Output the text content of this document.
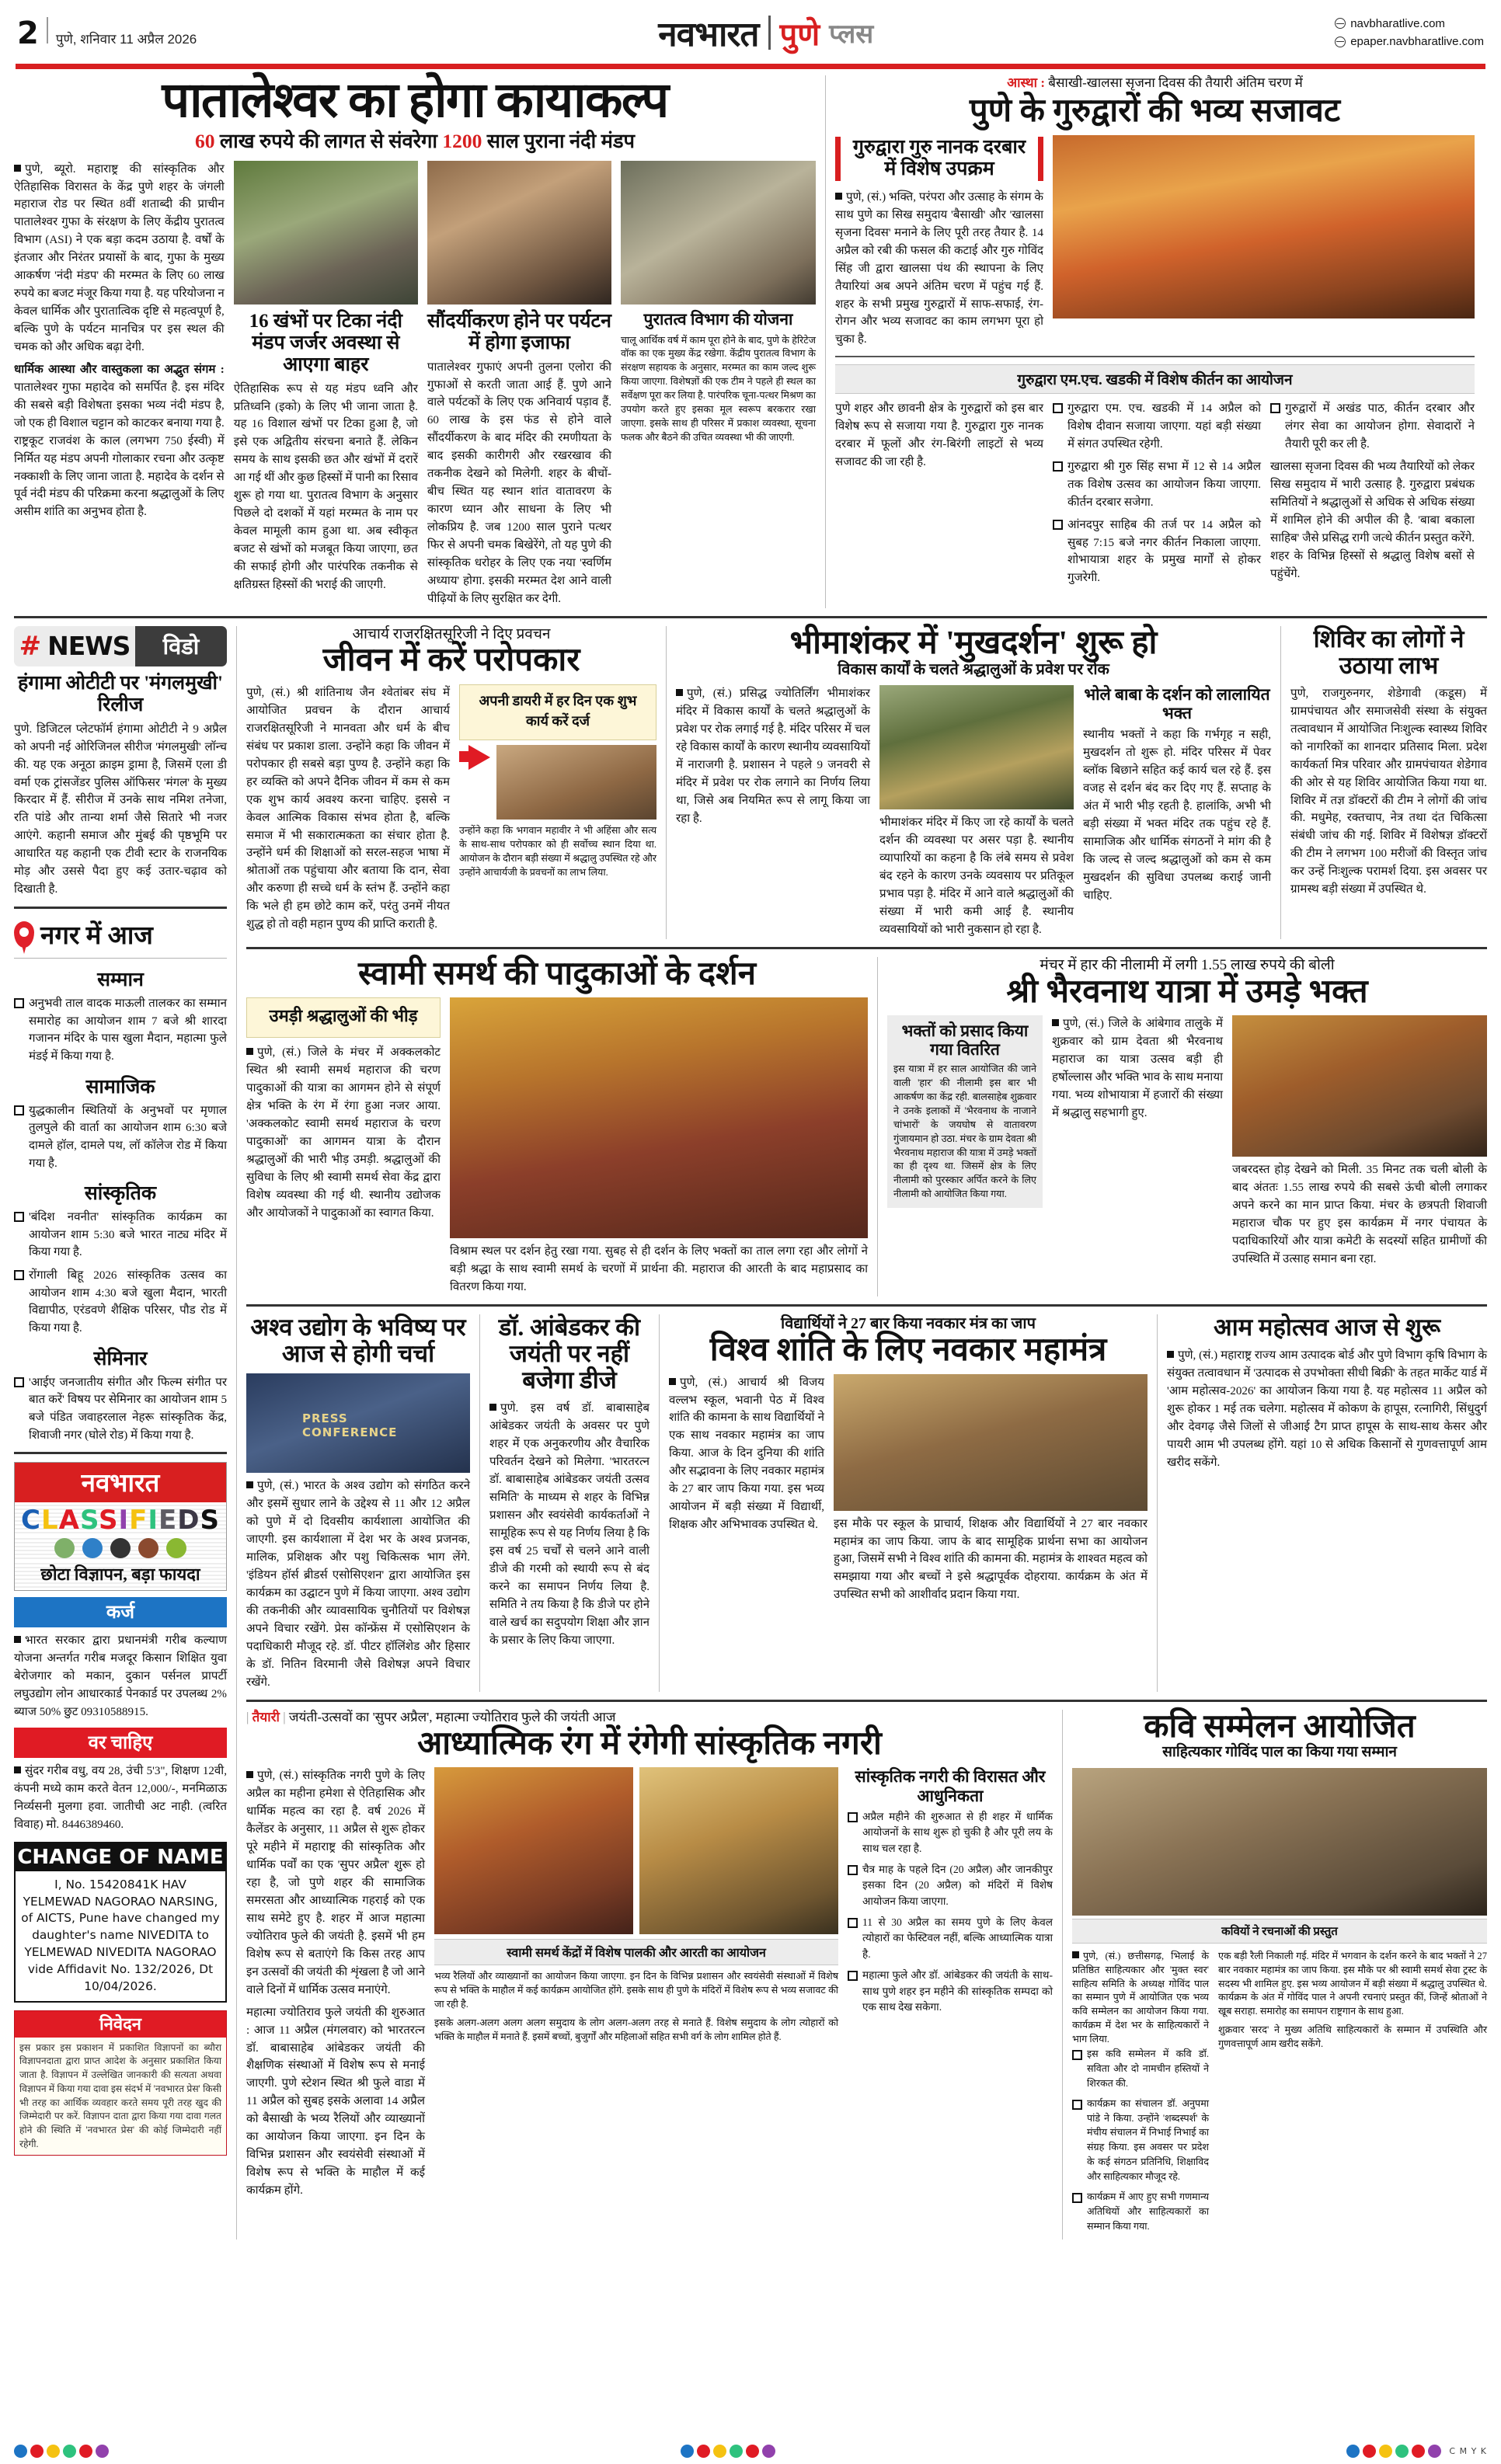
2 पुणे, शनिवार 11 अप्रैल 2026	नवभारत पुणे प्लस	navbharatlive.com
epaper.navbharatlive.com
पातालेश्वर का होगा कायाकल्प
60 लाख रुपये की लागत से संवरेगा 1200 साल पुराना नंदी मंडप

पुणे, ब्यूरो. महाराष्ट्र की सांस्कृतिक और ऐतिहासिक विरासत के केंद्र पुणे शहर के जंगली महाराज रोड पर स्थित 8वीं शताब्दी की प्राचीन पातालेश्वर गुफा के संरक्षण के लिए केंद्रीय पुरातत्व विभाग (ASI) ने एक बड़ा कदम उठाया है. वर्षों के इंतजार और निरंतर प्रयासों के बाद, गुफा के मुख्य आकर्षण 'नंदी मंडप' की मरम्मत के लिए 60 लाख रुपये का बजट मंजूर किया गया है. यह परियोजना न केवल धार्मिक और पुरातात्विक दृष्टि से महत्वपूर्ण है, बल्कि पुणे के पर्यटन मानचित्र पर इस स्थल की चमक को और अधिक बढ़ा देगी.

धार्मिक आस्था और वास्तुकला का अद्भुत संगम : पातालेश्वर गुफा महादेव को समर्पित है. इस मंदिर की सबसे बड़ी विशेषता इसका भव्य नंदी मंडप है, जो एक ही विशाल चट्टान को काटकर बनाया गया है. राष्ट्रकूट राजवंश के काल (लगभग 750 ईस्वी) में निर्मित यह मंडप अपनी गोलाकार रचना और उत्कृष्ट नक्काशी के लिए जाना जाता है. महादेव के दर्शन से पूर्व नंदी मंडप की परिक्रमा करना श्रद्धालुओं के लिए असीम शांति का अनुभव होता है.

16 खंभों पर टिका नंदी मंडप जर्जर अवस्था से आएगा बाहर

ऐतिहासिक रूप से यह मंडप ध्वनि और प्रतिध्वनि (इको) के लिए भी जाना जाता है. यह 16 विशाल खंभों पर टिका हुआ है, जो इसे एक अद्वितीय संरचना बनाते हैं. लेकिन समय के साथ इसकी छत और खंभों में दरारें आ गई थीं और कुछ हिस्सों में पानी का रिसाव शुरू हो गया था. पुरातत्व विभाग के अनुसार पिछले दो दशकों में यहां मरम्मत के नाम पर केवल मामूली काम हुआ था. अब स्वीकृत बजट से खंभों को मजबूत किया जाएगा, छत की सफाई होगी और पारंपरिक तकनीक से क्षतिग्रस्त हिस्सों की भराई की जाएगी.

सौंदर्यीकरण होने पर पर्यटन में होगा इजाफा

पातालेश्वर गुफाएं अपनी तुलना एलोरा की गुफाओं से करती जाता आई हैं. पुणे आने वाले पर्यटकों के लिए एक अनिवार्य पड़ाव हैं. 60 लाख के इस फंड से होने वाले सौंदर्यीकरण के बाद मंदिर की रमणीयता के बाद इसकी कारीगरी और रखरखाव की तकनीक देखने को मिलेगी. शहर के बीचों-बीच स्थित यह स्थान शांत वातावरण के कारण ध्यान और साधना के लिए भी लोकप्रिय है. जब 1200 साल पुराने पत्थर फिर से अपनी चमक बिखेरेंगे, तो यह पुणे की सांस्कृतिक धरोहर के लिए एक नया 'स्वर्णिम अध्याय' होगा. इसकी मरम्मत देश आने वाली पीढ़ियों के लिए सुरक्षित कर देगी.

पुरातत्व विभाग की योजना

चालू आर्थिक वर्ष में काम पूरा होने के बाद, पुणे के हेरिटेज वॉक का एक मुख्य केंद्र रखेगा. केंद्रीय पुरातत्व विभाग के संरक्षण सहायक के अनुसार, मरम्मत का काम जल्द शुरू किया जाएगा. विशेषज्ञों की एक टीम ने पहले ही स्थल का सर्वेक्षण पूरा कर लिया है. पारंपरिक चूना-पत्थर मिश्रण का उपयोग करते हुए इसका मूल स्वरूप बरकरार रखा जाएगा. इसके साथ ही परिसर में प्रकाश व्यवस्था, सूचना फलक और बैठने की उचित व्यवस्था भी की जाएगी.

आस्था : बैसाखी-खालसा सृजना दिवस की तैयारी अंतिम चरण में
पुणे के गुरुद्वारों की भव्य सजावट
गुरुद्वारा गुरु नानक दरबार में विशेष उपक्रम

पुणे, (सं.) भक्ति, परंपरा और उत्साह के संगम के साथ पुणे का सिख समुदाय 'बैसाखी' और 'खालसा सृजना दिवस' मनाने के लिए पूरी तरह तैयार है. 14 अप्रैल को रबी की फसल की कटाई और गुरु गोविंद सिंह जी द्वारा खालसा पंथ की स्थापना के लिए तैयारियां अब अपने अंतिम चरण में पहुंच गई हैं. शहर के सभी प्रमुख गुरुद्वारों में साफ-सफाई, रंग-रोगन और भव्य सजावट का काम लगभग पूरा हो चुका है.

गुरुद्वारा एम.एच. खडकी में विशेष कीर्तन का आयोजन

पुणे शहर और छावनी क्षेत्र के गुरुद्वारों को इस बार विशेष रूप से सजाया गया है. गुरुद्वारा गुरु नानक दरबार में फूलों और रंग-बिरंगी लाइटों से भव्य सजावट की जा रही है.

गुरुद्वारा एम. एच. खडकी में 14 अप्रैल को विशेष दीवान सजाया जाएगा. यहां बड़ी संख्या में संगत उपस्थित रहेगी.
गुरुद्वारा श्री गुरु सिंह सभा में 12 से 14 अप्रैल तक विशेष उत्सव का आयोजन किया जाएगा. कीर्तन दरबार सजेगा.
आंनदपुर साहिब की तर्ज पर 14 अप्रैल को सुबह 7:15 बजे नगर कीर्तन निकाला जाएगा. शोभायात्रा शहर के प्रमुख मार्गों से होकर गुजरेगी.
गुरुद्वारों में अखंड पाठ, कीर्तन दरबार और लंगर सेवा का आयोजन होगा. सेवादारों ने तैयारी पूरी कर ली है.

खालसा सृजना दिवस की भव्य तैयारियों को लेकर सिख समुदाय में भारी उत्साह है. गुरुद्वारा प्रबंधक समितियों ने श्रद्धालुओं से अधिक से अधिक संख्या में शामिल होने की अपील की है. 'बाबा बकाला साहिब' जैसे प्रसिद्ध रागी जत्थे कीर्तन प्रस्तुत करेंगे. शहर के विभिन्न हिस्सों से श्रद्धालु विशेष बसों से पहुंचेंगे.

# NEWS	विडो
हंगामा ओटीटी पर 'मंगलमुखी' रिलीज

पुणे. डिजिटल प्लेटफॉर्म हंगामा ओटीटी ने 9 अप्रैल को अपनी नई ओरिजिनल सीरीज 'मंगलमुखी' लॉन्च की. यह एक अनूठा क्राइम ड्रामा है, जिसमें एला डी वर्मा एक ट्रांसजेंडर पुलिस ऑफिसर 'मंगल' के मुख्य किरदार में हैं. सीरीज में उनके साथ नमिश तनेजा, रति पांडे और तान्या शर्मा जैसे सितारे भी नजर आएंगे. कहानी समाज और मुंबई की पृष्ठभूमि पर आधारित यह कहानी एक टीवी स्टार के राजनयिक मोड़ और उससे पैदा हुए कई उतार-चढ़ाव को दिखाती है.

नगर में आज
सम्मान
अनुभवी ताल वादक माऊली तालकर का सम्मान समारोह का आयोजन शाम 7 बजे श्री शारदा गजानन मंदिर के पास खुला मैदान, महात्मा फुले मंडई में किया गया है.
सामाजिक
युद्धकालीन स्थितियों के अनुभवों पर मृणाल तुलपुले की वार्ता का आयोजन शाम 6:30 बजे दामले हॉल, दामले पथ, लॉ कॉलेज रोड में किया गया है.
सांस्कृतिक
'बंदिश नवनीत' सांस्कृतिक कार्यक्रम का आयोजन शाम 5:30 बजे भारत नाट्य मंदिर में किया गया है.
रोंगाली बिहू 2026 सांस्कृतिक उत्सव का आयोजन शाम 4:30 बजे खुला मैदान, भारती विद्यापीठ, एरंडवणे शैक्षिक परिसर, पौड रोड में किया गया है.
सेमिनार
'आईए जनजातीय संगीत और फिल्म संगीत पर बात करें' विषय पर सेमिनार का आयोजन शाम 5 बजे पंडित जवाहरलाल नेहरू सांस्कृतिक केंद्र, शिवाजी नगर (घोले रोड) में किया गया है.
नवभारत
CLASSIFIEDS
छोटा विज्ञापन, बड़ा फायदा
कर्ज

भारत सरकार द्वारा प्रधानमंत्री गरीब कल्याण योजना अन्तर्गत गरीब मजदूर किसान शिक्षित युवा बेरोजगार को मकान, दुकान पर्सनल प्रापर्टी लघुउद्योग लोन आधारकार्ड पेनकार्ड पर उपलब्ध 2% ब्याज 50% छुट 09310588915.

वर चाहिए

सुंदर गरीब वधु, वय 28, उंची 5'3", शिक्षण 12वी, कंपनी मध्ये काम करते वेतन 12,000/-, मनमिळाऊ निर्व्यसनी मुलगा हवा. जातीची अट नाही. (त्वरित विवाह) मो. 8446389460.

CHANGE OF NAME
I, No. 15420841K HAV YELMEWAD NAGORAO NARSING, of AICTS, Pune have changed my daughter's name NIVEDITA to YELMEWAD NIVEDITA NAGORAO vide Affidavit No. 132/2026, Dt 10/04/2026.
निवेदन
इस प्रकार इस प्रकाशन में प्रकाशित विज्ञापनों का ब्यौरा विज्ञापनदाता द्वारा प्राप्त आदेश के अनुसार प्रकाशित किया जाता है. विज्ञापन में उल्लेखित जानकारी की सत्यता अथवा विज्ञापन में किया गया दावा इस संदर्भ में 'नवभारत प्रेस' किसी भी तरह का आर्थिक व्यवहार करते समय पूरी तरह खुद की जिम्मेदारी पर करें. विज्ञापन दाता द्वारा किया गया दावा गलत होने की स्थिति में 'नवभारत प्रेस' की कोई जिम्मेदारी नहीं रहेगी.
आचार्य राजरक्षितसूरिजी ने दिए प्रवचन
जीवन में करें परोपकार

पुणे, (सं.) श्री शांतिनाथ जैन श्वेतांबर संघ में आयोजित प्रवचन के दौरान आचार्य राजरक्षितसूरिजी ने मानवता और धर्म के बीच संबंध पर प्रकाश डाला. उन्होंने कहा कि जीवन में परोपकार ही सबसे बड़ा पुण्य है. उन्होंने कहा कि हर व्यक्ति को अपने दैनिक जीवन में कम से कम एक शुभ कार्य अवश्य करना चाहिए. इससे न केवल आत्मिक विकास संभव होता है, बल्कि समाज में भी सकारात्मकता का संचार होता है. उन्होंने धर्म की शिक्षाओं को सरल-सहज भाषा में श्रोताओं तक पहुंचाया और बताया कि दान, सेवा और करुणा ही सच्चे धर्म के स्तंभ हैं. उन्होंने कहा कि भले ही हम छोटे काम करें, परंतु उनमें नीयत शुद्ध हो तो वही महान पुण्य की प्राप्ति कराती है.

अपनी डायरी में हर दिन एक शुभ कार्य करें दर्ज

उन्होंने कहा कि भगवान महावीर ने भी अहिंसा और सत्य के साथ-साथ परोपकार को ही सर्वोच्च स्थान दिया था. आयोजन के दौरान बड़ी संख्या में श्रद्धालु उपस्थित रहे और उन्होंने आचार्यजी के प्रवचनों का लाभ लिया.

भीमाशंकर में 'मुखदर्शन' शुरू हो
विकास कार्यों के चलते श्रद्धालुओं के प्रवेश पर रोक

पुणे, (सं.) प्रसिद्ध ज्योतिर्लिंग भीमाशंकर मंदिर में विकास कार्यों के चलते श्रद्धालुओं के प्रवेश पर रोक लगाई गई है. मंदिर परिसर में चल रहे विकास कार्यों के कारण स्थानीय व्यवसायियों में नाराजगी है. प्रशासन ने पहले 9 जनवरी से मंदिर में प्रवेश पर रोक लगाने का निर्णय लिया था, जिसे अब नियमित रूप से लागू किया जा रहा है.	भीमाशंकर मंदिर में किए जा रहे कार्यों के चलते दर्शन की व्यवस्था पर असर पड़ा है. स्थानीय व्यापारियों का कहना है कि लंबे समय से प्रवेश बंद रहने के कारण उनके व्यवसाय पर प्रतिकूल प्रभाव पड़ा है. मंदिर में आने वाले श्रद्धालुओं की संख्या में भारी कमी आई है. स्थानीय व्यवसायियों को भारी नुकसान हो रहा है.

भोले बाबा के दर्शन को लालायित भक्त

स्थानीय भक्तों ने कहा कि गर्भगृह न सही, मुखदर्शन तो शुरू हो. मंदिर परिसर में पेवर ब्लॉक बिछाने सहित कई कार्य चल रहे हैं. इस वजह से दर्शन बंद कर दिए गए हैं. सप्ताह के अंत में भारी भीड़ रहती है. हालांकि, अभी भी बड़ी संख्या में भक्त मंदिर तक पहुंच रहे हैं. सामाजिक और धार्मिक संगठनों ने मांग की है कि जल्द से जल्द श्रद्धालुओं को कम से कम मुखदर्शन की सुविधा उपलब्ध कराई जानी चाहिए.

शिविर का लोगों ने उठाया लाभ

पुणे, राजगुरुनगर, शेडेगावी (कडूस) में ग्रामपंचायत और समाजसेवी संस्था के संयुक्त तत्वावधान में आयोजित निःशुल्क स्वास्थ्य शिविर को नागरिकों का शानदार प्रतिसाद मिला. प्रदेश कार्यकर्ता मित्र परिवार और ग्रामपंचायत शेडेगाव की ओर से यह शिविर आयोजित किया गया था. शिविर में तज्ञ डॉक्टरों की टीम ने लोगों की जांच की. मधुमेह, रक्तचाप, नेत्र तथा दंत चिकित्सा संबंधी जांच की गई. शिविर में विशेषज्ञ डॉक्टरों की टीम ने लगभग 100 मरीजों की विस्तृत जांच कर उन्हें निःशुल्क परामर्श दिया. इस अवसर पर ग्रामस्थ बड़ी संख्या में उपस्थित थे.

स्वामी समर्थ की पादुकाओं के दर्शन
उमड़ी श्रद्धालुओं की भीड़

पुणे, (सं.) जिले के मंचर में अक्कलकोट स्थित श्री स्वामी समर्थ महाराज की चरण पादुकाओं की यात्रा का आगमन होने से संपूर्ण क्षेत्र भक्ति के रंग में रंगा हुआ नजर आया. 'अक्कलकोट स्वामी समर्थ महाराज के चरण पादुकाओं' का आगमन यात्रा के दौरान श्रद्धालुओं की भारी भीड़ उमड़ी. श्रद्धालुओं की सुविधा के लिए श्री स्वामी समर्थ सेवा केंद्र द्वारा विशेष व्यवस्था की गई थी. स्थानीय उद्योजक और आयोजकों ने पादुकाओं का स्वागत किया.

विश्राम स्थल पर दर्शन हेतु रखा गया. सुबह से ही दर्शन के लिए भक्तों का ताल लगा रहा और लोगों ने बड़ी श्रद्धा के साथ स्वामी समर्थ के चरणों में प्रार्थना की. महाराज की आरती के बाद महाप्रसाद का वितरण किया गया.

मंचर में हार की नीलामी में लगी 1.55 लाख रुपये की बोली
श्री भैरवनाथ यात्रा में उमड़े भक्त
भक्तों को प्रसाद किया गया वितरित

इस यात्रा में हर साल आयोजित की जाने वाली 'हार' की नीलामी इस बार भी आकर्षण का केंद्र रही. बालसाहेब शुक्रवार ने उनके इलाकों में 'भैरवनाथ के नाजाने चांभारों' के जयघोष से वातावरण गुंजायमान हो उठा. मंचर के ग्राम देवता श्री भैरवनाथ महाराज की यात्रा में उमड़े भक्तों का ही दृश्य था. जिसमें क्षेत्र के लिए नीलामी को पुरस्कार अर्पित करने के लिए नीलामी को आयोजित किया गया.

पुणे, (सं.) जिले के आंबेगाव तालुके में शुक्रवार को ग्राम देवता श्री भैरवनाथ महाराज का यात्रा उत्सव बड़ी ही हर्षोल्लास और भक्ति भाव के साथ मनाया गया. भव्य शोभायात्रा में हजारों की संख्या में श्रद्धालु सहभागी हुए.

जबरदस्त होड़ देखने को मिली. 35 मिनट तक चली बोली के बाद अंततः 1.55 लाख रुपये की सबसे ऊंची बोली लगाकर अपने करने का मान प्राप्त किया. मंचर के छत्रपती शिवाजी महाराज चौक पर हुए इस कार्यक्रम में नगर पंचायत के पदाधिकारियों और यात्रा कमेटी के सदस्यों सहित ग्रामीणों की उपस्थिति में उत्साह समान बना रहा.

अश्व उद्योग के भविष्य पर आज से होगी चर्चा
PRESS CONFERENCE

पुणे, (सं.) भारत के अश्व उद्योग को संगठित करने और इसमें सुधार लाने के उद्देश्य से 11 और 12 अप्रैल को पुणे में दो दिवसीय कार्यशाला आयोजित की जाएगी. इस कार्यशाला में देश भर के अश्व प्रजनक, मालिक, प्रशिक्षक और पशु चिकित्सक भाग लेंगे. 'इंडियन हॉर्स ब्रीडर्स एसोसिएशन' द्वारा आयोजित इस कार्यक्रम का उद्घाटन पुणे में किया जाएगा. अश्व उद्योग की तकनीकी और व्यावसायिक चुनौतियों पर विशेषज्ञ अपने विचार रखेंगे. प्रेस कॉन्फ्रेंस में एसोसिएशन के पदाधिकारी मौजूद रहे. डॉ. पीटर हॉलिंशेड और हिसार के डॉ. नितिन विरमानी जैसे विशेषज्ञ अपने विचार रखेंगे.

डॉ. आंबेडकर की जयंती पर नहीं बजेगा डीजे

पुणे. इस वर्ष डॉ. बाबासाहेब आंबेडकर जयंती के अवसर पर पुणे शहर में एक अनुकरणीय और वैचारिक परिवर्तन देखने को मिलेगा. 'भारतरत्न डॉ. बाबासाहेब आंबेडकर जयंती उत्सव समिति' के माध्यम से शहर के विभिन्न प्रशासन और स्वयंसेवी कार्यकर्ताओं ने सामूहिक रूप से यह निर्णय लिया है कि इस वर्ष 25 चर्चों से चलने आने वाली डीजे की गरमी को स्थायी रूप से बंद करने का समापन निर्णय लिया है. समिति ने तय किया है कि डीजे पर होने वाले खर्च का सदुपयोग शिक्षा और ज्ञान के प्रसार के लिए किया जाएगा.

विद्यार्थियों ने 27 बार किया नवकार मंत्र का जाप
विश्व शांति के लिए नवकार महामंत्र

पुणे, (सं.) आचार्य श्री विजय वल्लभ स्कूल, भवानी पेठ में विश्व शांति की कामना के साथ विद्यार्थियों ने एक साथ नवकार महामंत्र का जाप किया. आज के दिन दुनिया की शांति और सद्भावना के लिए नवकार महामंत्र के 27 बार जाप किया गया. इस भव्य आयोजन में बड़ी संख्या में विद्यार्थी, शिक्षक और अभिभावक उपस्थित थे.	इस मौके पर स्कूल के प्राचार्य, शिक्षक और विद्यार्थियों ने 27 बार नवकार महामंत्र का जाप किया. जाप के बाद सामूहिक प्रार्थना सभा का आयोजन हुआ, जिसमें सभी ने विश्व शांति की कामना की. महामंत्र के शाश्वत महत्व को समझाया गया और बच्चों ने इसे श्रद्धापूर्वक दोहराया. कार्यक्रम के अंत में उपस्थित सभी को आशीर्वाद प्रदान किया गया.

आम महोत्सव आज से शुरू

पुणे, (सं.) महाराष्ट्र राज्य आम उत्पादक बोर्ड और पुणे विभाग कृषि विभाग के संयुक्त तत्वावधान में 'उत्पादक से उपभोक्ता सीधी बिक्री' के तहत मार्केट यार्ड में 'आम महोत्सव-2026' का आयोजन किया गया है. यह महोत्सव 11 अप्रैल को शुरू होकर 1 मई तक चलेगा. महोत्सव में कोकण के हापूस, रत्नागिरी, सिंधुदुर्ग और देवगढ़ जैसे जिलों से जीआई टैग प्राप्त हापूस के साथ-साथ केसर और पायरी आम भी उपलब्ध होंगे. यहां 10 से अधिक किसानों से गुणवत्तापूर्ण आम खरीद सकेंगे.

| तैयारी | जयंती-उत्सवों का 'सुपर अप्रैल', महात्मा ज्योतिराव फुले की जयंती आज
आध्यात्मिक रंग में रंगेगी सांस्कृतिक नगरी

पुणे, (सं.) सांस्कृतिक नगरी पुणे के लिए अप्रैल का महीना हमेशा से ऐतिहासिक और धार्मिक महत्व का रहा है. वर्ष 2026 में कैलेंडर के अनुसार, 11 अप्रैल से शुरू होकर पूरे महीने में महाराष्ट्र की सांस्कृतिक और धार्मिक पर्वों का एक 'सुपर अप्रैल' शुरू हो रहा है, जो पुणे शहर की सामाजिक समरसता और आध्यात्मिक गहराई को एक साथ समेटे हुए है. शहर में आज महात्मा ज्योतिराव फुले की जयंती है. इसमें भी हम विशेष रूप से बताएंगे कि किस तरह आप इन उत्सवों की जयंती की शृंखला है जो आने वाले दिनों में धार्मिक उत्सव मनाएंगे.

महात्मा ज्योतिराव फुले जयंती की शुरुआत : आज 11 अप्रैल (मंगलवार) को भारतरत्न डॉ. बाबासाहेब आंबेडकर जयंती की शैक्षणिक संस्थाओं में विशेष रूप से मनाई जाएगी. पुणे स्टेशन स्थित श्री फुले वाडा में 11 अप्रैल को सुबह इसके अलावा 14 अप्रैल को बैसाखी के भव्य रैलियों और व्याख्यानों का आयोजन किया जाएगा. इन दिन के विभिन्न प्रशासन और स्वयंसेवी संस्थाओं में विशेष रूप से भक्ति के माहौल में कई कार्यक्रम होंगे.

स्वामी समर्थ केंद्रों में विशेष पालकी और आरती का आयोजन

भव्य रैलियों और व्याख्यानों का आयोजन किया जाएगा. इन दिन के विभिन्न प्रशासन और स्वयंसेवी संस्थाओं में विशेष रूप से भक्ति के माहौल में कई कार्यक्रम आयोजित होंगे. इसके साथ ही पुणे के मंदिरों में विशेष रूप से भव्य सजावट की जा रही है.

इसके अलग-अलग अलग अलग समुदाय के लोग अलग-अलग तरह से मनाते हैं. विशेष समुदाय के लोग त्योहारों को भक्ति के माहौल में मनाते हैं. इसमें बच्चों, बुजुर्गों और महिलाओं सहित सभी वर्ग के लोग शामिल होते हैं.

सांस्कृतिक नगरी की विरासत और आधुनिकता
अप्रैल महीने की शुरुआत से ही शहर में धार्मिक आयोजनों के साथ शुरू हो चुकी है और पूरी लय के साथ चल रहा है.
चैत्र माह के पहले दिन (20 अप्रैल) और जानकीपुर इसका दिन (20 अप्रैल) को मंदिरों में विशेष आयोजन किया जाएगा.
11 से 30 अप्रैल का समय पुणे के लिए केवल त्योहारों का फेस्टिवल नहीं, बल्कि आध्यात्मिक यात्रा है.
महात्मा फुले और डॉ. आंबेडकर की जयंती के साथ-साथ पुणे शहर इन महीने की सांस्कृतिक सम्पदा को एक साथ देख सकेगा.
कवि सम्मेलन आयोजित
साहित्यकार गोविंद पाल का किया गया सम्मान
कवियों ने रचनाओं की प्रस्तुत

पुणे, (सं.) छत्तीसगढ़, भिलाई के प्रतिष्ठित साहित्यकार और 'मुक्त स्वर' साहित्य समिति के अध्यक्ष गोविंद पाल का सम्मान पुणे में आयोजित एक भव्य कवि सम्मेलन का आयोजन किया गया. कार्यक्रम में देश भर के साहित्यकारों ने भाग लिया.

इस कवि सम्मेलन में कवि डॉ. सविता और दो नामचीन हस्तियों ने शिरकत की.
कार्यक्रम का संचालन डॉ. अनुपमा पांडे ने किया. उन्होंने 'शब्दस्पर्श' के मंचीय संचालन में निभाई निभाई का संग्रह किया. इस अवसर पर प्रदेश के कई संगठन प्रतिनिधि, शिक्षाविद और साहित्यकार मौजूद रहे.
कार्यक्रम में आए हुए सभी गणमान्य अतिथियों और साहित्यकारों का सम्मान किया गया.

एक बड़ी रैली निकाली गई. मंदिर में भगवान के दर्शन करने के बाद भक्तों ने 27 बार नवकार महामंत्र का जाप किया. इस मौके पर श्री स्वामी समर्थ सेवा ट्रस्ट के सदस्य भी शामिल हुए. इस भव्य आयोजन में बड़ी संख्या में श्रद्धालु उपस्थित थे. कार्यक्रम के अंत में गोविंद पाल ने अपनी रचनाएं प्रस्तुत कीं, जिन्हें श्रोताओं ने खूब सराहा. समारोह का समापन राष्ट्रगान के साथ हुआ.

शुक्रवार 'सरद' ने मुख्य अतिथि साहित्यकारों के सम्मान में उपस्थिति और गुणवत्तापूर्ण आम खरीद सकेंगे.

C M Y K
